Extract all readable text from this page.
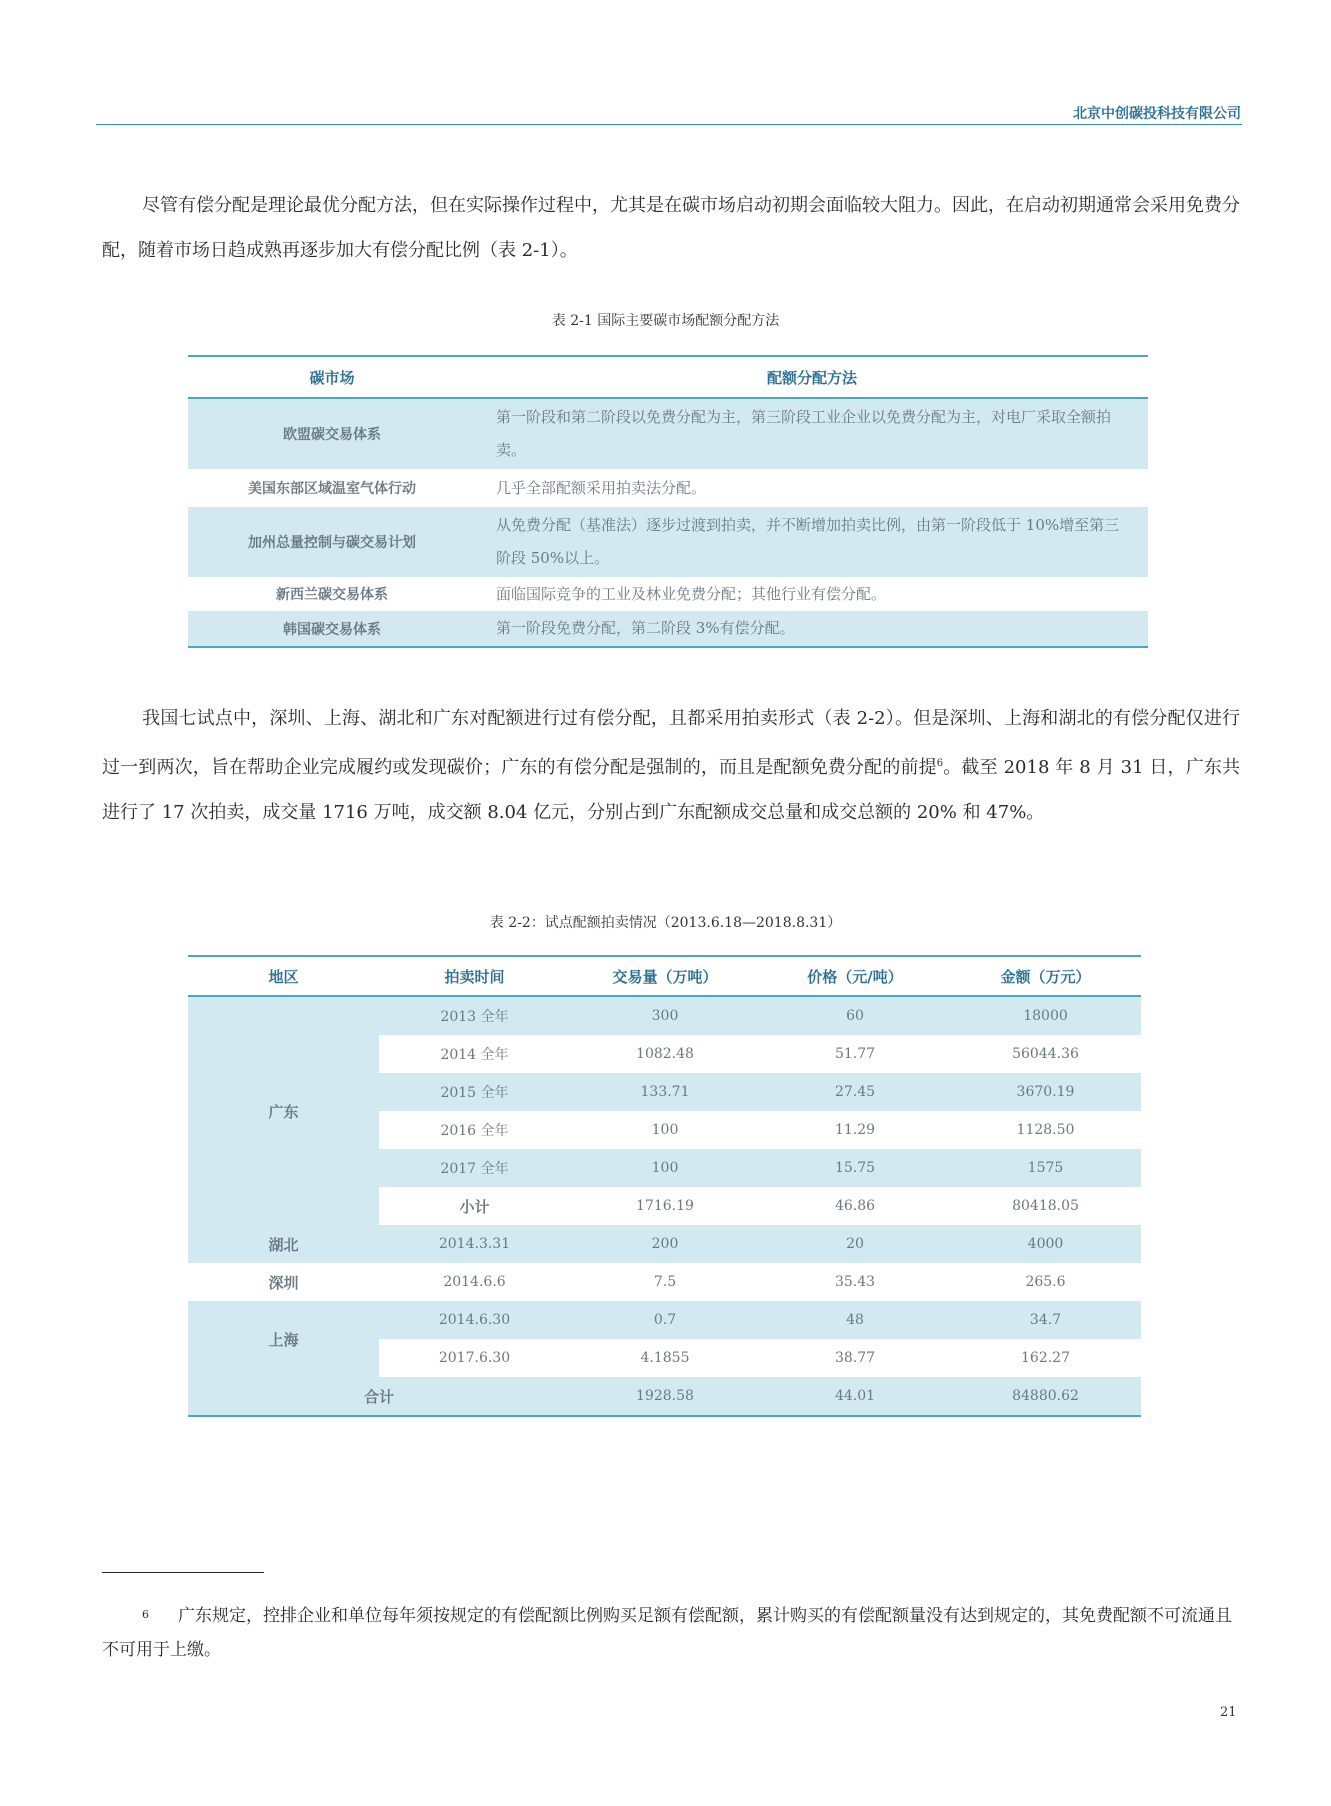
北京中创碳投科技有限公司

尽管有偿分配是理论最优分配方法，但在实际操作过程中，尤其是在碳市场启动初期会面临较大阻力。因此，在启动初期通常会采用免费分配，随着市场日趋成熟再逐步加大有偿分配比例（表 2-1）。

表 2-1 国际主要碳市场配额分配方法
碳市场	配额分配方法
欧盟碳交易体系	第一阶段和第二阶段以免费分配为主，第三阶段工业企业以免费分配为主，对电厂采取全额拍卖。
美国东部区域温室气体行动	几乎全部配额采用拍卖法分配。
加州总量控制与碳交易计划	从免费分配（基准法）逐步过渡到拍卖，并不断增加拍卖比例，由第一阶段低于 10%增至第三阶段 50%以上。
新西兰碳交易体系	面临国际竞争的工业及林业免费分配；其他行业有偿分配。
韩国碳交易体系	第一阶段免费分配，第二阶段 3%有偿分配。

我国七试点中，深圳、上海、湖北和广东对配额进行过有偿分配，且都采用拍卖形式（表 2-2）。但是深圳、上海和湖北的有偿分配仅进行过一到两次，旨在帮助企业完成履约或发现碳价；广东的有偿分配是强制的，而且是配额免费分配的前提$^6$。截至 2018 年 8 月 31 日，广东共进行了 17 次拍卖，成交量 1716 万吨，成交额 8.04 亿元，分别占到广东配额成交总量和成交总额的 20% 和 47%。

表 2-2：试点配额拍卖情况（2013.6.18—2018.8.31）
地区	拍卖时间	交易量（万吨）	价格（元/吨）	金额（万元）
广东	2013 全年	300	60	18000
	2014 全年	1082.48	51.77	56044.36
	2015 全年	133.71	27.45	3670.19
	2016 全年	100	11.29	1128.50
	2017 全年	100	15.75	1575
	小计	1716.19	46.86	80418.05
湖北	2014.3.31	200	20	4000
深圳	2014.6.6	7.5	35.43	265.6
上海	2014.6.30	0.7	48	34.7
	2017.6.30	4.1855	38.77	162.27
合计		1928.58	44.01	84880.62

6 广东规定，控排企业和单位每年须按规定的有偿配额比例购买足额有偿配额，累计购买的有偿配额量没有达到规定的，其免费配额不可流通且不可用于上缴。

21
